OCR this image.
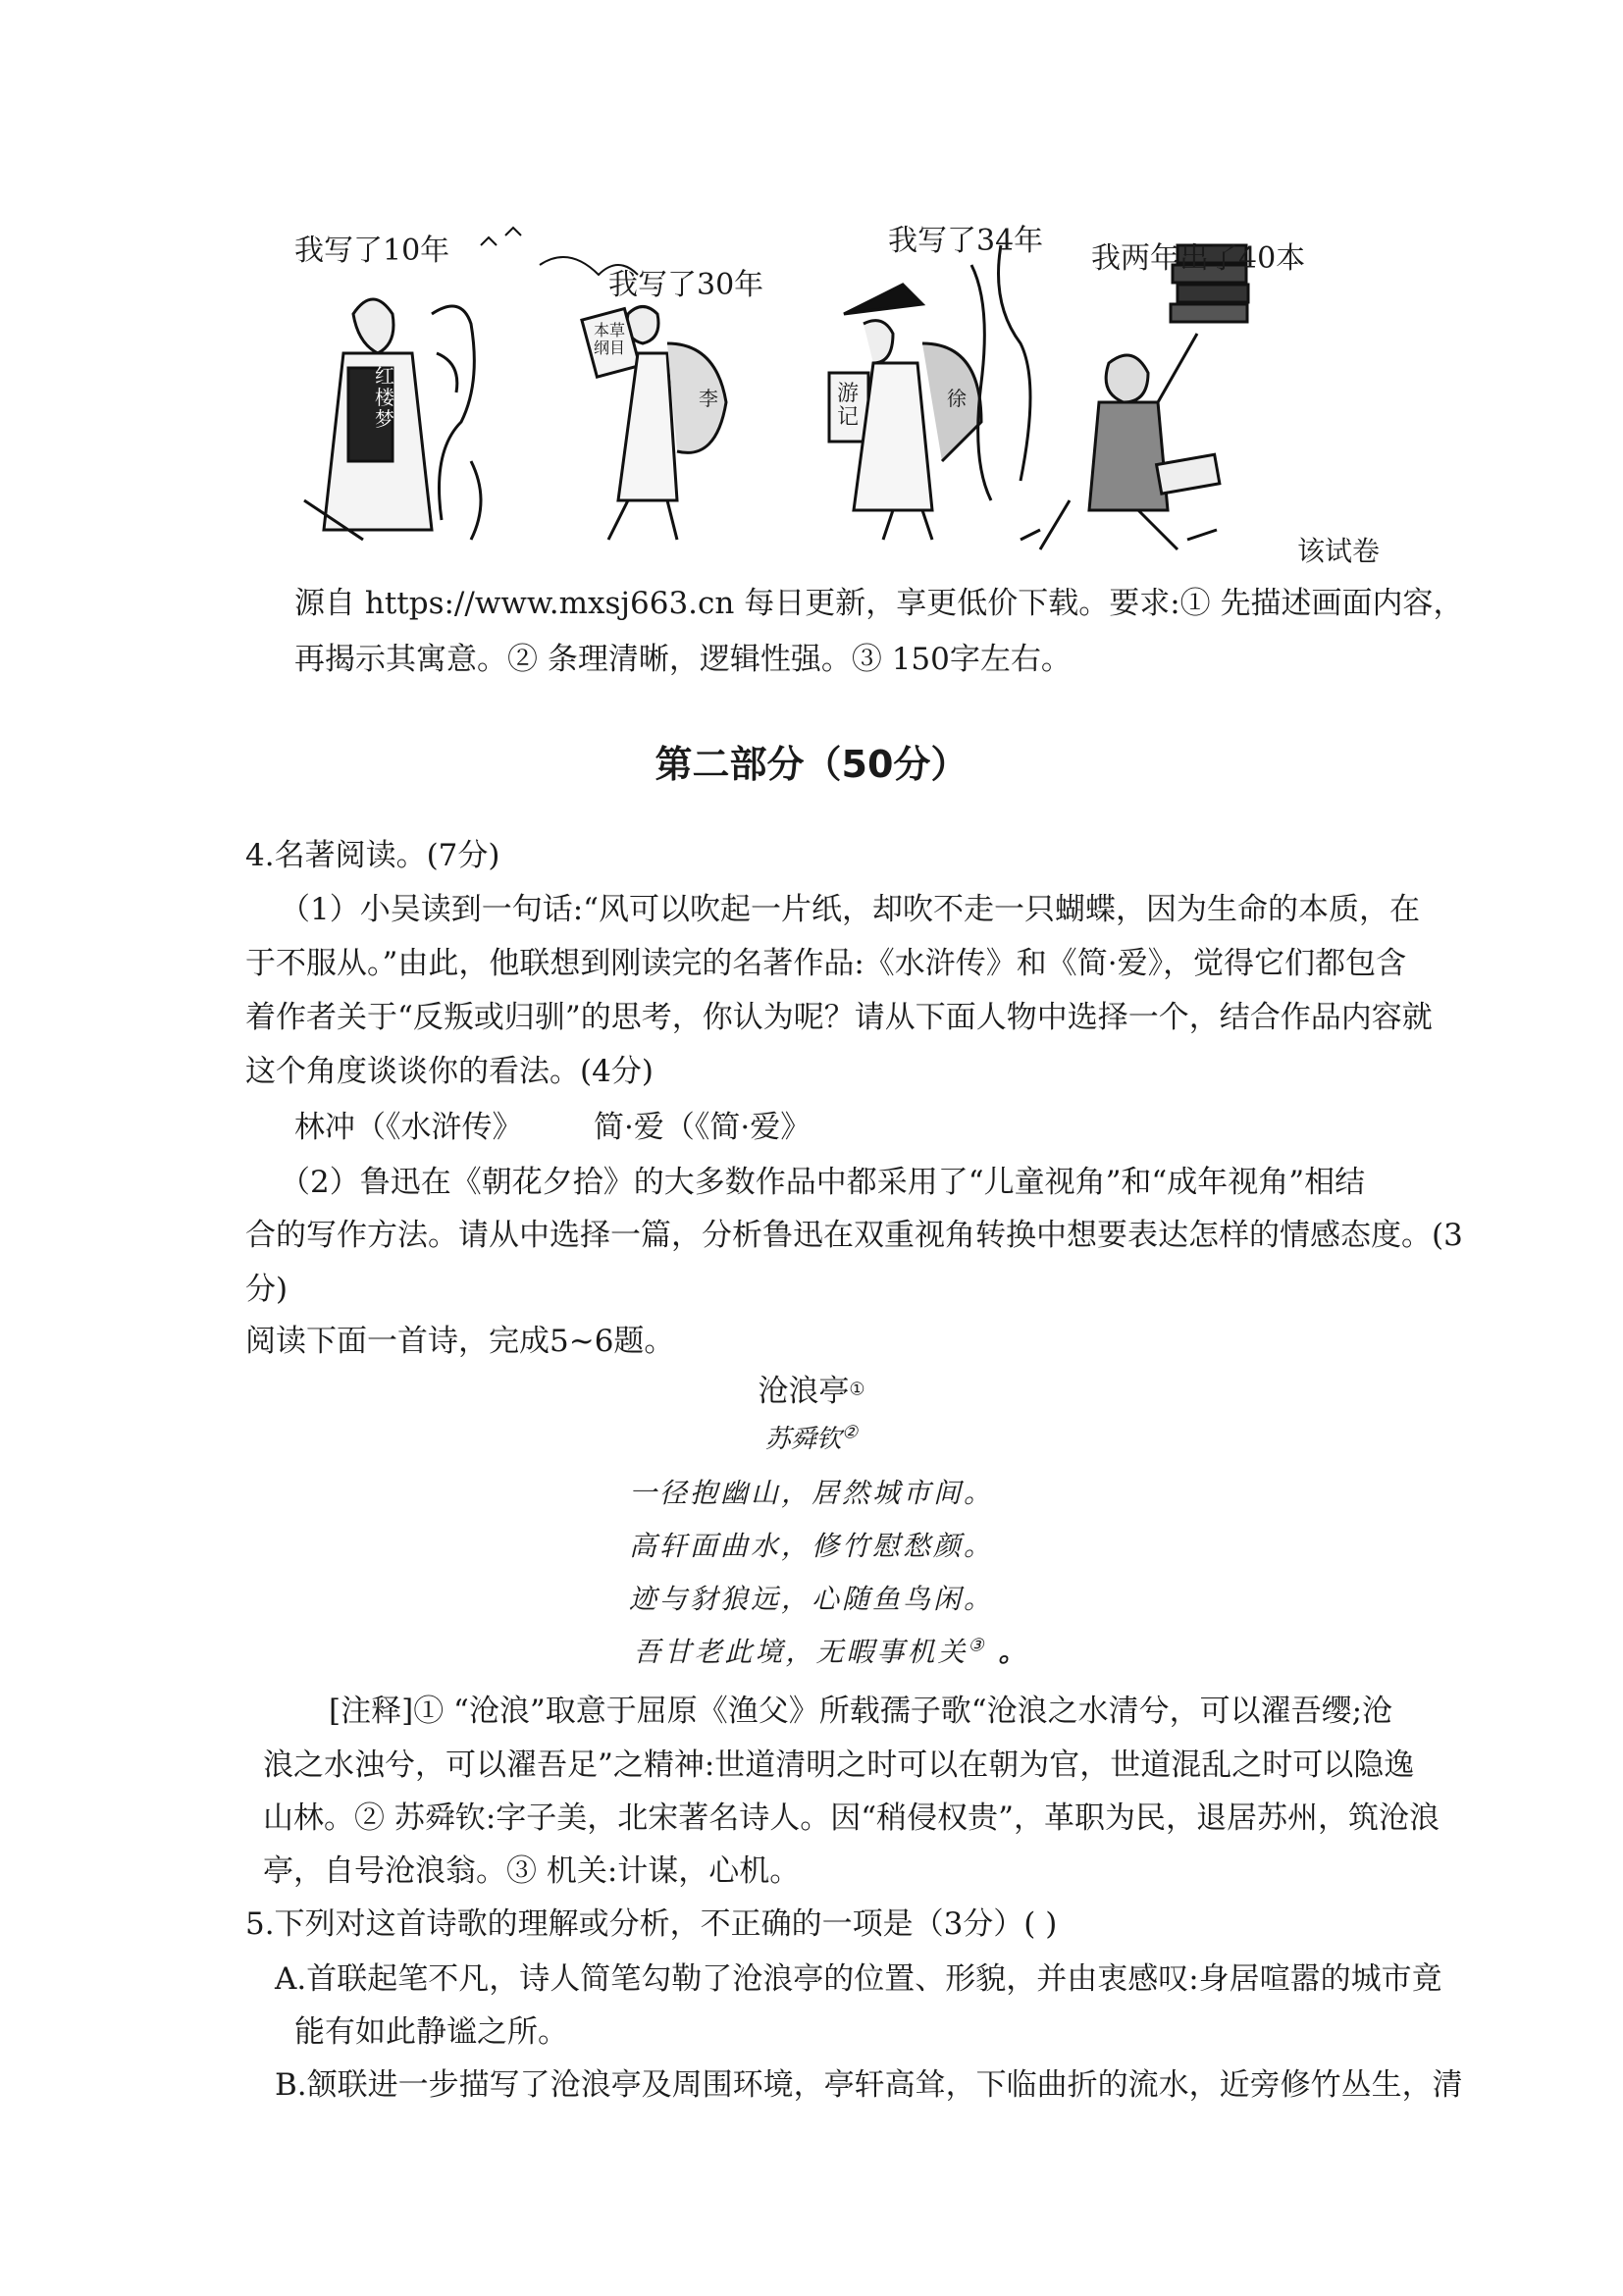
我写了10年
我写了30年
我写了34年
我两年出了40本
红楼梦
本草纲目
游记
李	徐
该试卷
源自 https://www.mxsj663.cn 每日更新，享更低价下载。要求:① 先描述画面内容，
再揭示其寓意。② 条理清晰，逻辑性强。③ 150字左右。
第二部分（50分）
4.名著阅读。(7分)
（1）小吴读到一句话:“风可以吹起一片纸，却吹不走一只蝴蝶，因为生命的本质，在
于不服从。”由此，他联想到刚读完的名著作品:《水浒传》和《简·爱》，觉得它们都包含
着作者关于“反叛或归驯”的思考，你认为呢？请从下面人物中选择一个，结合作品内容就
这个角度谈谈你的看法。(4分)
林冲（《水浒传》 简·爱（《简·爱》
（2）鲁迅在《朝花夕拾》的大多数作品中都采用了“儿童视角”和“成年视角”相结
合的写作方法。请从中选择一篇，分析鲁迅在双重视角转换中想要表达怎样的情感态度。(3
分)
阅读下面一首诗，完成5~6题。
沧浪亭①
苏舜钦②
一径抱幽山，居然城市间。
高轩面曲水，修竹慰愁颜。
迹与豺狼远，心随鱼鸟闲。
吾甘老此境，无暇事机关③ 。
[注释]① “沧浪”取意于屈原《渔父》所载孺子歌“沧浪之水清兮，可以濯吾缨;沧
浪之水浊兮，可以濯吾足”之精神:世道清明之时可以在朝为官，世道混乱之时可以隐逸
山林。② 苏舜钦:字子美，北宋著名诗人。因“稍侵权贵”，革职为民，退居苏州，筑沧浪
亭，自号沧浪翁。③ 机关:计谋，心机。
5.下列对这首诗歌的理解或分析，不正确的一项是（3分）( )
A.首联起笔不凡，诗人简笔勾勒了沧浪亭的位置、形貌，并由衷感叹:身居喧嚣的城市竟
能有如此静谧之所。
B.颔联进一步描写了沧浪亭及周围环境，亭轩高耸，下临曲折的流水，近旁修竹丛生，清
